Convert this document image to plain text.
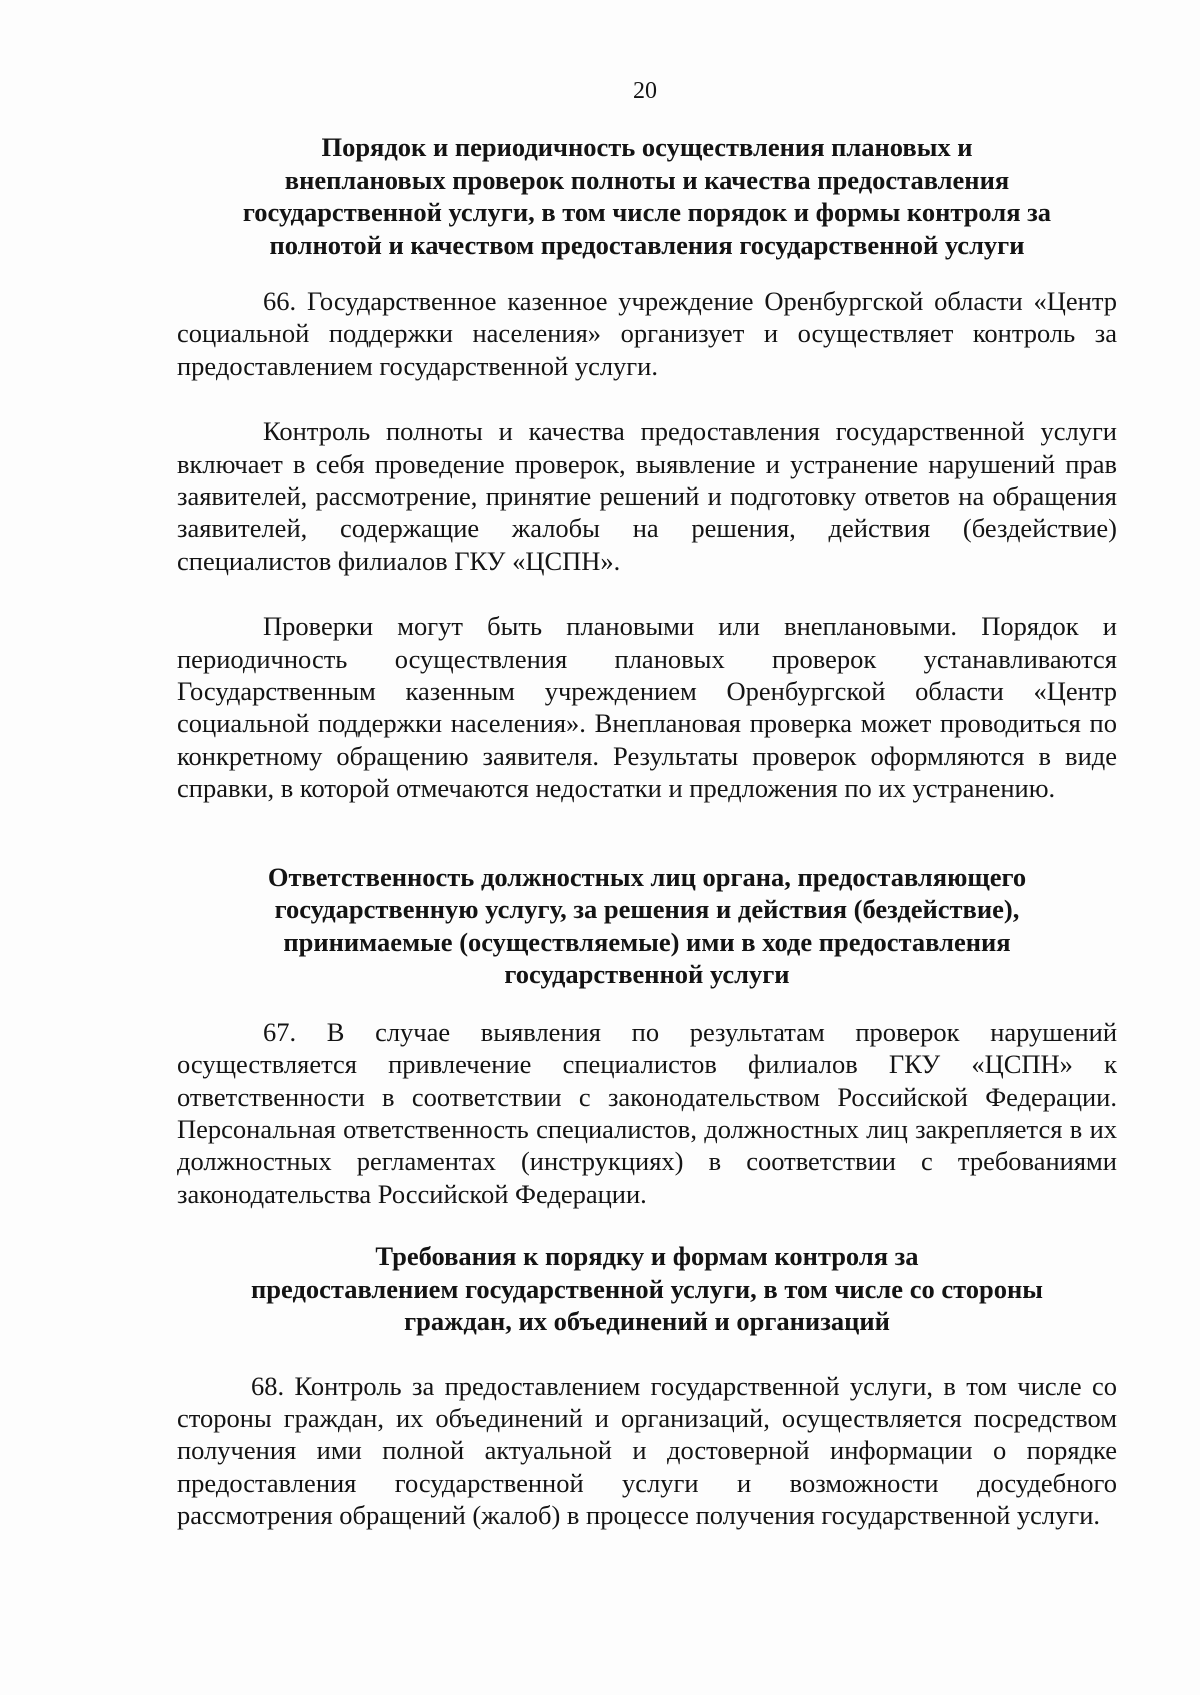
20
Порядок и периодичность осуществления плановых и
внеплановых проверок полноты и качества предоставления
государственной услуги, в том числе порядок и формы контроля за
полнотой и качеством предоставления государственной услуги

66. Государственное казенное учреждение Оренбургской области «Центр социальной поддержки населения» организует и осуществляет контроль за предоставлением государственной услуги.

Контроль полноты и качества предоставления государственной услуги включает в себя проведение проверок, выявление и устранение нарушений прав заявителей, рассмотрение, принятие решений и подготовку ответов на обращения заявителей, содержащие жалобы на решения, действия (бездействие) специалистов филиалов ГКУ «ЦСПН».

Проверки могут быть плановыми или внеплановыми. Порядок и периодичность осуществления плановых проверок устанавливаются Государственным казенным учреждением Оренбургской области «Центр социальной поддержки населения». Внеплановая проверка может проводиться по конкретному обращению заявителя. Результаты проверок оформляются в виде справки, в которой отмечаются недостатки и предложения по их устранению.

Ответственность должностных лиц органа, предоставляющего
государственную услугу, за решения и действия (бездействие),
принимаемые (осуществляемые) ими в ходе предоставления
государственной услуги

67. В случае выявления по результатам проверок нарушений осуществляется привлечение специалистов филиалов ГКУ «ЦСПН» к ответственности в соответствии с законодательством Российской Федерации. Персональная ответственность специалистов, должностных лиц закрепляется в их должностных регламентах (инструкциях) в соответствии с требованиями законодательства Российской Федерации.

Требования к порядку и формам контроля за
предоставлением государственной услуги, в том числе со стороны
граждан, их объединений и организаций

68. Контроль за предоставлением государственной услуги, в том числе со стороны граждан, их объединений и организаций, осуществляется посредством получения ими полной актуальной и достоверной информации о порядке предоставления государственной услуги и возможности досудебного рассмотрения обращений (жалоб) в процессе получения государственной услуги.
